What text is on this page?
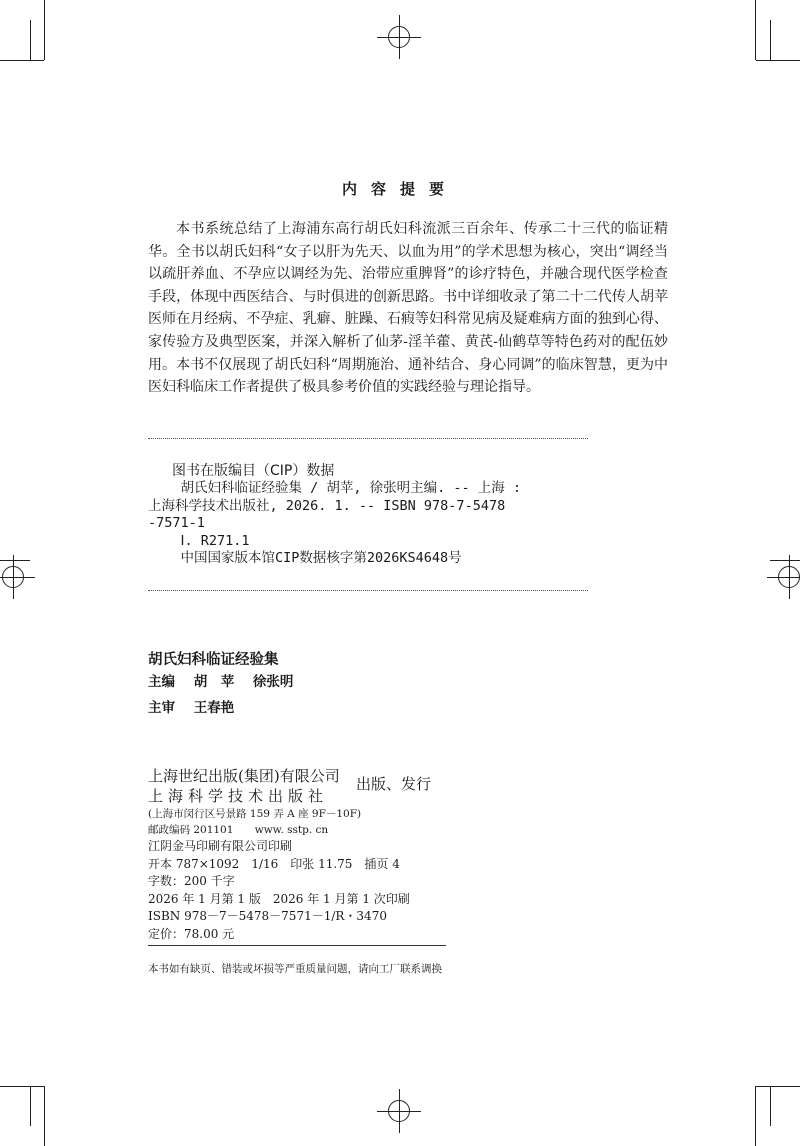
内容提要

本书系统总结了上海浦东高行胡氏妇科流派三百余年、传承二十三代的临证精华。全书以胡氏妇科“女子以肝为先天、以血为用”的学术思想为核心，突出“调经当以疏肝养血、不孕应以调经为先、治带应重脾肾”的诊疗特色，并融合现代医学检查手段，体现中西医结合、与时俱进的创新思路。书中详细收录了第二十二代传人胡苹医师在月经病、不孕症、乳癖、脏躁、石瘕等妇科常见病及疑难病方面的独到心得、家传验方及典型医案，并深入解析了仙茅-淫羊藿、黄芪-仙鹤草等特色药对的配伍妙用。本书不仅展现了胡氏妇科“周期施治、通补结合、身心同调”的临床智慧，更为中医妇科临床工作者提供了极具参考价值的实践经验与理论指导。

图书在版编目（CIP）数据
胡氏妇科临证经验集 / 胡苹, 徐张明主编. -- 上海 :
上海科学技术出版社, 2026. 1. -- ISBN 978-7-5478
-7571-1
Ⅰ. R271.1
中国国家版本馆CIP数据核字第2026KS4648号
胡氏妇科临证经验集
主编 胡　苹 徐张明
主审 王春艳
上海世纪出版(集团)有限公司
上海科学技术出版社
出版、发行
(上海市闵行区号景路 159 弄 A 座 9F－10F)
邮政编码 201101 www. sstp. cn
江阴金马印刷有限公司印刷
开本 787×1092　1/16　印张 11.75　插页 4
字数：200 千字
2026 年 1 月第 1 版　2026 年 1 月第 1 次印刷
ISBN 978－7－5478－7571－1/R・3470
定价：78.00 元
本书如有缺页、错装或坏损等严重质量问题，请向工厂联系调换
